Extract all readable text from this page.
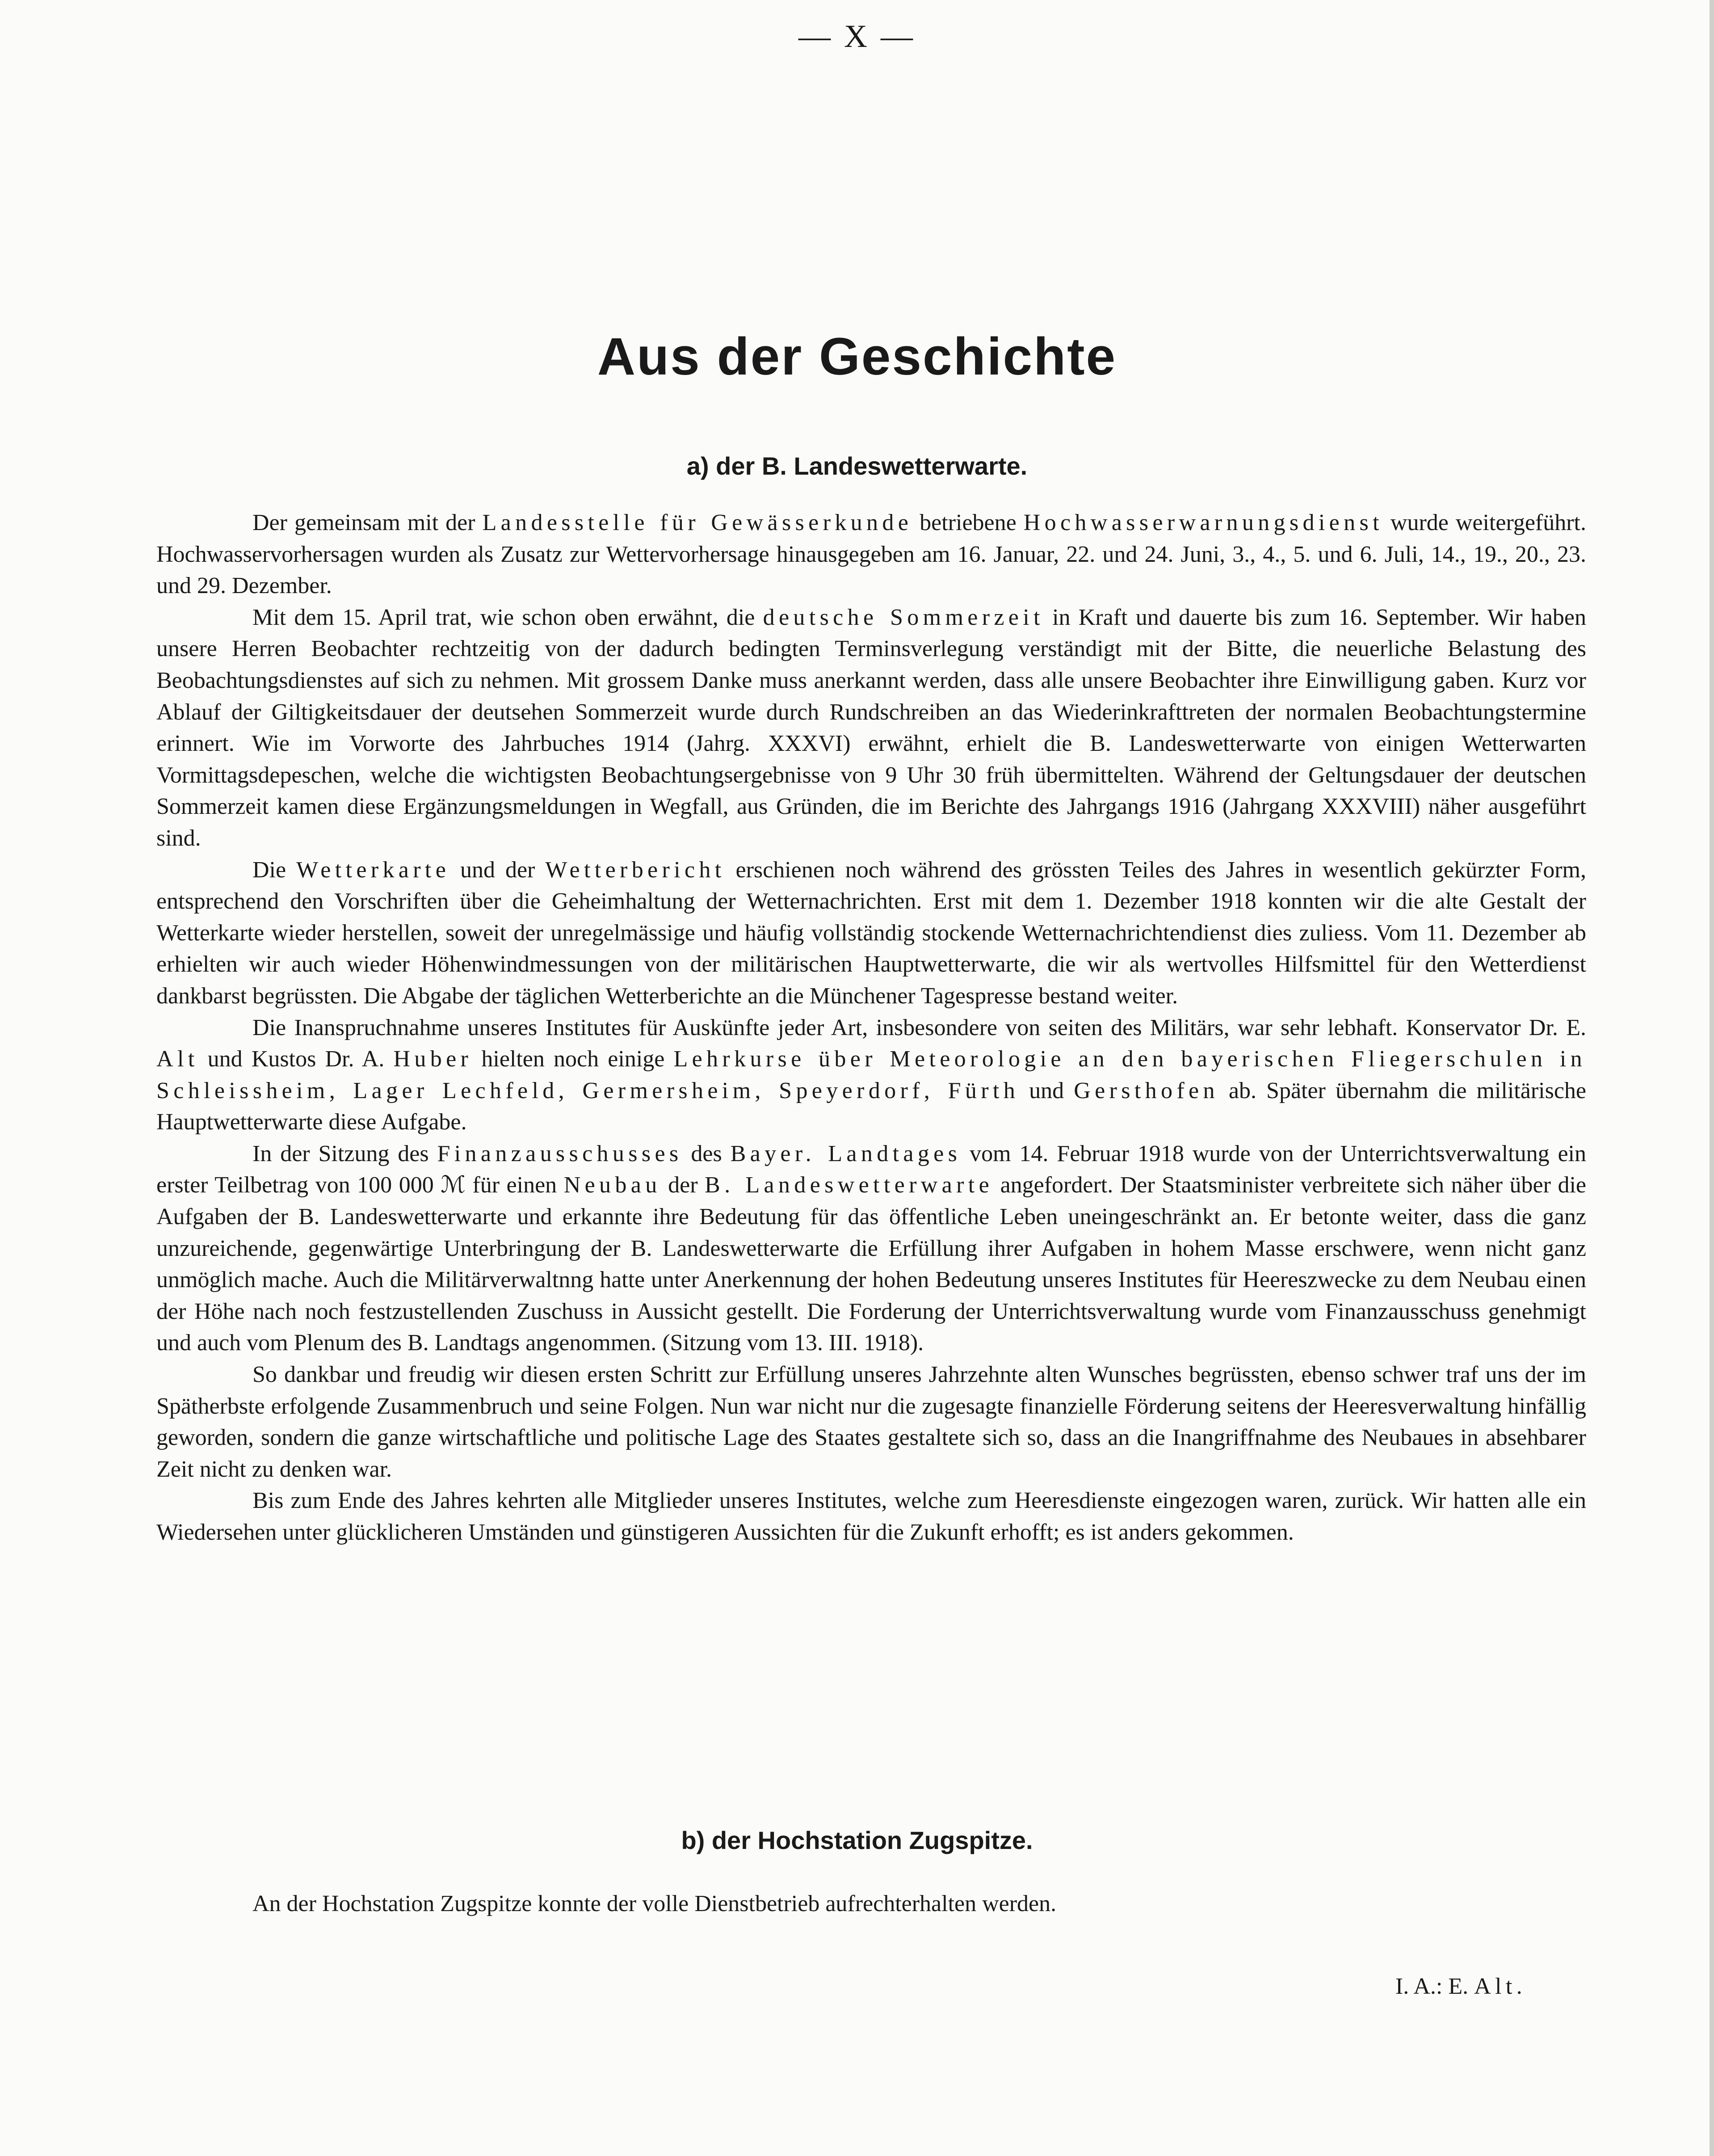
— X —
Aus der Geschichte
a) der B. Landeswetterwarte.

Der gemeinsam mit der Landesstelle für Gewässerkunde betriebene Hochwasserwarnungsdienst wurde weitergeführt. Hochwasservorhersagen wurden als Zusatz zur Wettervorhersage hinausgegeben am 16. Januar, 22. und 24. Juni, 3., 4., 5. und 6. Juli, 14., 19., 20., 23. und 29. Dezember.

Mit dem 15. April trat, wie schon oben erwähnt, die deutsche Sommerzeit in Kraft und dauerte bis zum 16. September. Wir haben unsere Herren Beobachter rechtzeitig von der dadurch bedingten Terminsverlegung verständigt mit der Bitte, die neuerliche Belastung des Beobachtungsdienstes auf sich zu nehmen. Mit grossem Danke muss anerkannt werden, dass alle unsere Beobachter ihre Einwilligung gaben. Kurz vor Ablauf der Giltigkeitsdauer der deutsehen Sommerzeit wurde durch Rundschreiben an das Wiederinkrafttreten der normalen Beobachtungstermine erinnert. Wie im Vorworte des Jahrbuches 1914 (Jahrg. XXXVI) erwähnt, erhielt die B. Landeswetterwarte von einigen Wetterwarten Vormittagsdepeschen, welche die wichtigsten Beobachtungsergebnisse von 9 Uhr 30 früh übermittelten. Während der Geltungsdauer der deutschen Sommerzeit kamen diese Ergänzungsmeldungen in Wegfall, aus Gründen, die im Berichte des Jahrgangs 1916 (Jahrgang XXXVIII) näher ausgeführt sind.

Die Wetterkarte und der Wetterbericht erschienen noch während des grössten Teiles des Jahres in wesentlich gekürzter Form, entsprechend den Vorschriften über die Geheimhaltung der Wetternachrichten. Erst mit dem 1. Dezember 1918 konnten wir die alte Gestalt der Wetterkarte wieder herstellen, soweit der unregelmässige und häufig vollständig stockende Wetternachrichtendienst dies zuliess. Vom 11. Dezember ab erhielten wir auch wieder Höhenwindmessungen von der militärischen Hauptwetterwarte, die wir als wertvolles Hilfsmittel für den Wetterdienst dankbarst begrüssten. Die Abgabe der täglichen Wetterberichte an die Münchener Tagespresse bestand weiter.

Die Inanspruchnahme unseres Institutes für Auskünfte jeder Art, insbesondere von seiten des Militärs, war sehr lebhaft. Konservator Dr. E. Alt und Kustos Dr. A. Huber hielten noch einige Lehrkurse über Meteorologie an den bayerischen Fliegerschulen in Schleissheim, Lager Lechfeld, Germersheim, Speyerdorf, Fürth und Gersthofen ab. Später übernahm die militärische Hauptwetterwarte diese Aufgabe.

In der Sitzung des Finanzausschusses des Bayer. Landtages vom 14. Februar 1918 wurde von der Unterrichtsverwaltung ein erster Teilbetrag von 100 000 ℳ für einen Neubau der B. Landeswetterwarte angefordert. Der Staatsminister verbreitete sich näher über die Aufgaben der B. Landeswetterwarte und erkannte ihre Bedeutung für das öffentliche Leben uneingeschränkt an. Er betonte weiter, dass die ganz unzureichende, gegenwärtige Unterbringung der B. Landeswetterwarte die Erfüllung ihrer Aufgaben in hohem Masse erschwere, wenn nicht ganz unmöglich mache. Auch die Militärverwaltnng hatte unter Anerkennung der hohen Bedeutung unseres Institutes für Heereszwecke zu dem Neubau einen der Höhe nach noch festzustellenden Zuschuss in Aussicht gestellt. Die Forderung der Unterrichtsverwaltung wurde vom Finanzausschuss genehmigt und auch vom Plenum des B. Landtags angenommen. (Sitzung vom 13. III. 1918).

So dankbar und freudig wir diesen ersten Schritt zur Erfüllung unseres Jahrzehnte alten Wunsches begrüssten, ebenso schwer traf uns der im Spätherbste erfolgende Zusammenbruch und seine Folgen. Nun war nicht nur die zugesagte finanzielle Förderung seitens der Heeresverwaltung hinfällig geworden, sondern die ganze wirtschaftliche und politische Lage des Staates gestaltete sich so, dass an die Inangriffnahme des Neubaues in absehbarer Zeit nicht zu denken war.

Bis zum Ende des Jahres kehrten alle Mitglieder unseres Institutes, welche zum Heeresdienste eingezogen waren, zurück. Wir hatten alle ein Wiedersehen unter glücklicheren Umständen und günstigeren Aussichten für die Zukunft erhofft; es ist anders gekommen.

b) der Hochstation Zugspitze.

An der Hochstation Zugspitze konnte der volle Dienstbetrieb aufrechterhalten werden.

I. A.: E. Alt.
